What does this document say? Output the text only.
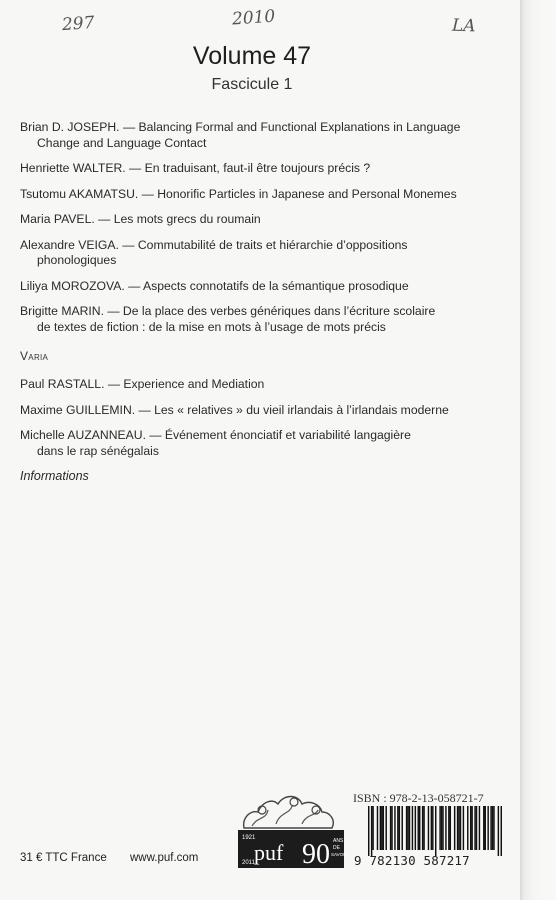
297	2010	LA
Volume 47
Fascicule 1
Brian D. JOSEPH. — Balancing Formal and Functional Explanations in Language
Change and Language Contact
Henriette WALTER. — En traduisant, faut-il être toujours précis ?
Tsutomu AKAMATSU. — Honorific Particles in Japanese and Personal Monemes
Maria PAVEL. — Les mots grecs du roumain
Alexandre VEIGA. — Commutabilité de traits et hiérarchie d’oppositions
phonologiques
Liliya MOROZOVA. — Aspects connotatifs de la sémantique prosodique
Brigitte MARIN. — De la place des verbes génériques dans l’écriture scolaire
de textes de fiction : de la mise en mots à l’usage de mots précis
Varia
Paul RASTALL. — Experience and Mediation
Maxime GUILLEMIN. — Les « relatives » du vieil irlandais à l’irlandais moderne
Michelle AUZANNEAU. — Événement énonciatif et variabilité langagière
dans le rap sénégalais
Informations
31 € TTC France www.puf.com
1921
2011 puf 90 ANS
DE
SAVOIR
ISBN : 978-2-13-058721-7
9 782130 587217
